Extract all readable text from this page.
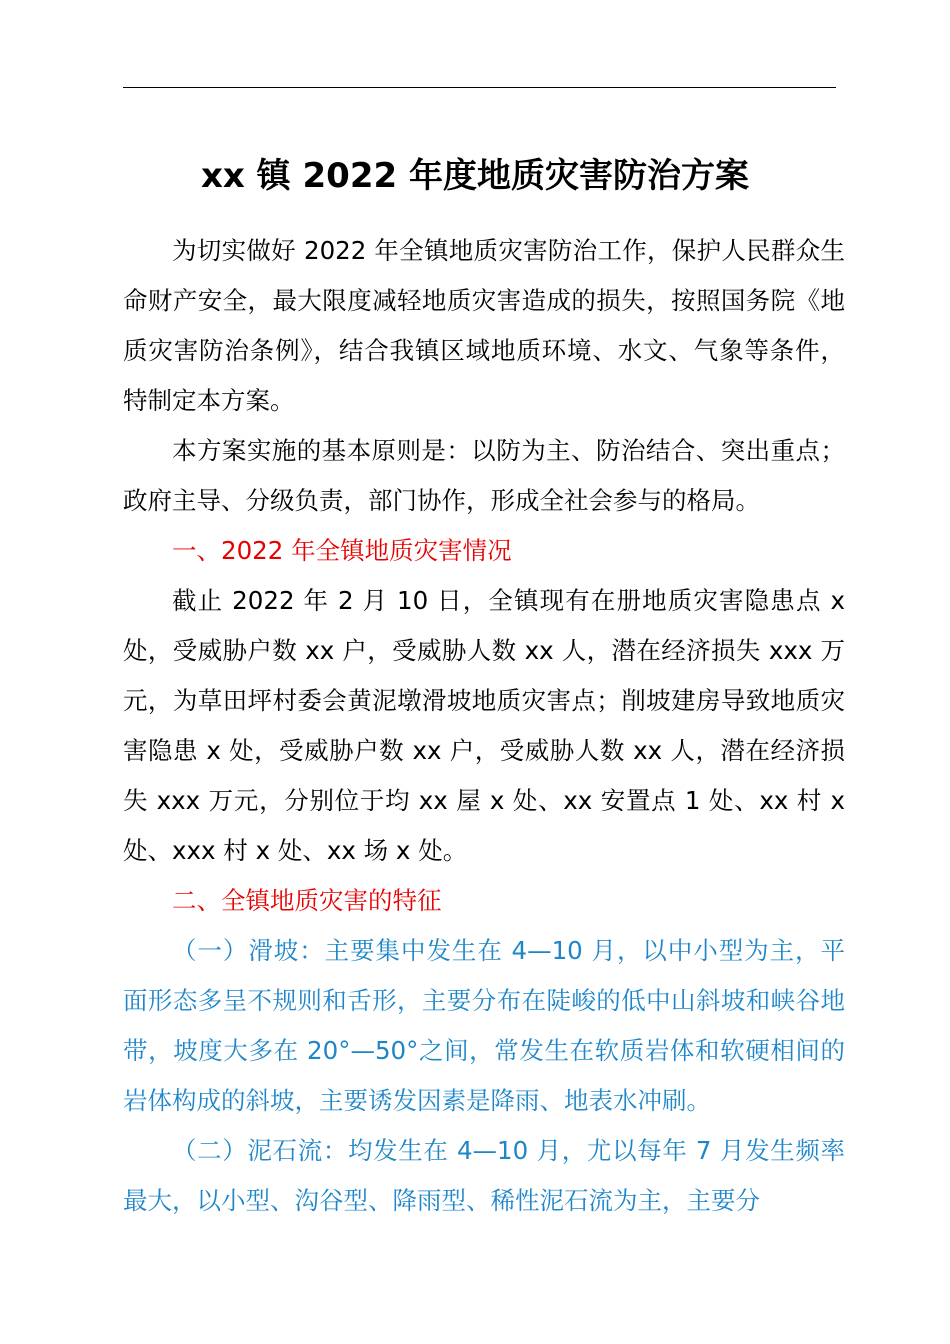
xx 镇 2022 年度地质灾害防治方案

为切实做好 2022 年全镇地质灾害防治工作，保护人民群众生命财产安全，最大限度减轻地质灾害造成的损失，按照国务院《地质灾害防治条例》，结合我镇区域地质环境、水文、气象等条件，特制定本方案。

本方案实施的基本原则是：以防为主、防治结合、突出重点；政府主导、分级负责，部门协作，形成全社会参与的格局。

一、2022 年全镇地质灾害情况

截止 2022 年 2 月 10 日，全镇现有在册地质灾害隐患点 x 处，受威胁户数 xx 户，受威胁人数 xx 人，潜在经济损失 xxx 万元，为草田坪村委会黄泥墩滑坡地质灾害点；削坡建房导致地质灾害隐患 x 处，受威胁户数 xx 户，受威胁人数 xx 人，潜在经济损失 xxx 万元，分别位于均 xx 屋 x 处、xx 安置点 1 处、xx 村 x 处、xxx 村 x 处、xx 场 x 处。

二、全镇地质灾害的特征

（一）滑坡：主要集中发生在 4—10 月，以中小型为主，平面形态多呈不规则和舌形，主要分布在陡峻的低中山斜坡和峡谷地带，坡度大多在 20°—50°之间，常发生在软质岩体和软硬相间的岩体构成的斜坡，主要诱发因素是降雨、地表水冲刷。

（二）泥石流：均发生在 4—10 月，尤以每年 7 月发生频率最大，以小型、沟谷型、降雨型、稀性泥石流为主，主要分
